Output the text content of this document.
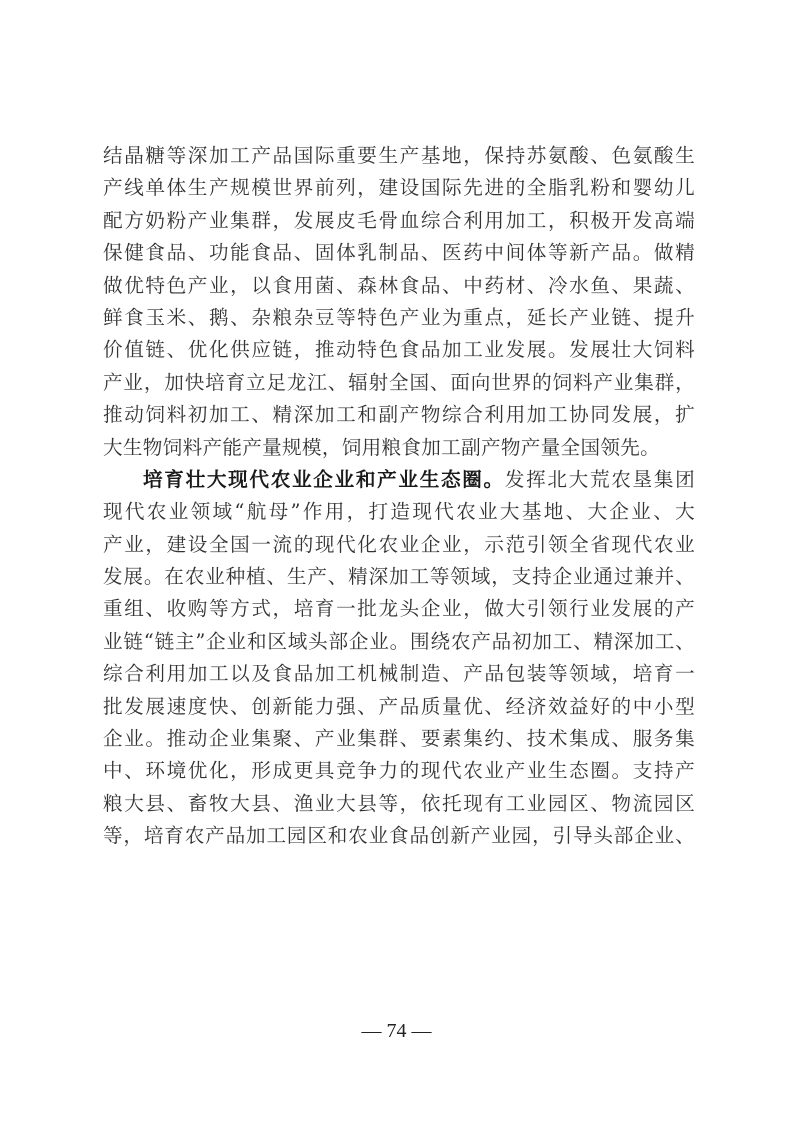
结晶糖等深加工产品国际重要生产基地，保持苏氨酸、色氨酸生
产线单体生产规模世界前列，建设国际先进的全脂乳粉和婴幼儿
配方奶粉产业集群，发展皮毛骨血综合利用加工，积极开发高端
保健食品、功能食品、固体乳制品、医药中间体等新产品。做精
做优特色产业，以食用菌、森林食品、中药材、冷水鱼、果蔬、
鲜食玉米、鹅、杂粮杂豆等特色产业为重点，延长产业链、提升
价值链、优化供应链，推动特色食品加工业发展。发展壮大饲料
产业，加快培育立足龙江、辐射全国、面向世界的饲料产业集群，
推动饲料初加工、精深加工和副产物综合利用加工协同发展，扩
大生物饲料产能产量规模，饲用粮食加工副产物产量全国领先。
培育壮大现代农业企业和产业生态圈。发挥北大荒农垦集团
现代农业领域“航母”作用，打造现代农业大基地、大企业、大
产业，建设全国一流的现代化农业企业，示范引领全省现代农业
发展。在农业种植、生产、精深加工等领域，支持企业通过兼并、
重组、收购等方式，培育一批龙头企业，做大引领行业发展的产
业链“链主”企业和区域头部企业。围绕农产品初加工、精深加工、
综合利用加工以及食品加工机械制造、产品包装等领域，培育一
批发展速度快、创新能力强、产品质量优、经济效益好的中小型
企业。推动企业集聚、产业集群、要素集约、技术集成、服务集
中、环境优化，形成更具竞争力的现代农业产业生态圈。支持产
粮大县、畜牧大县、渔业大县等，依托现有工业园区、物流园区
等，培育农产品加工园区和农业食品创新产业园，引导头部企业、
— 74 —
